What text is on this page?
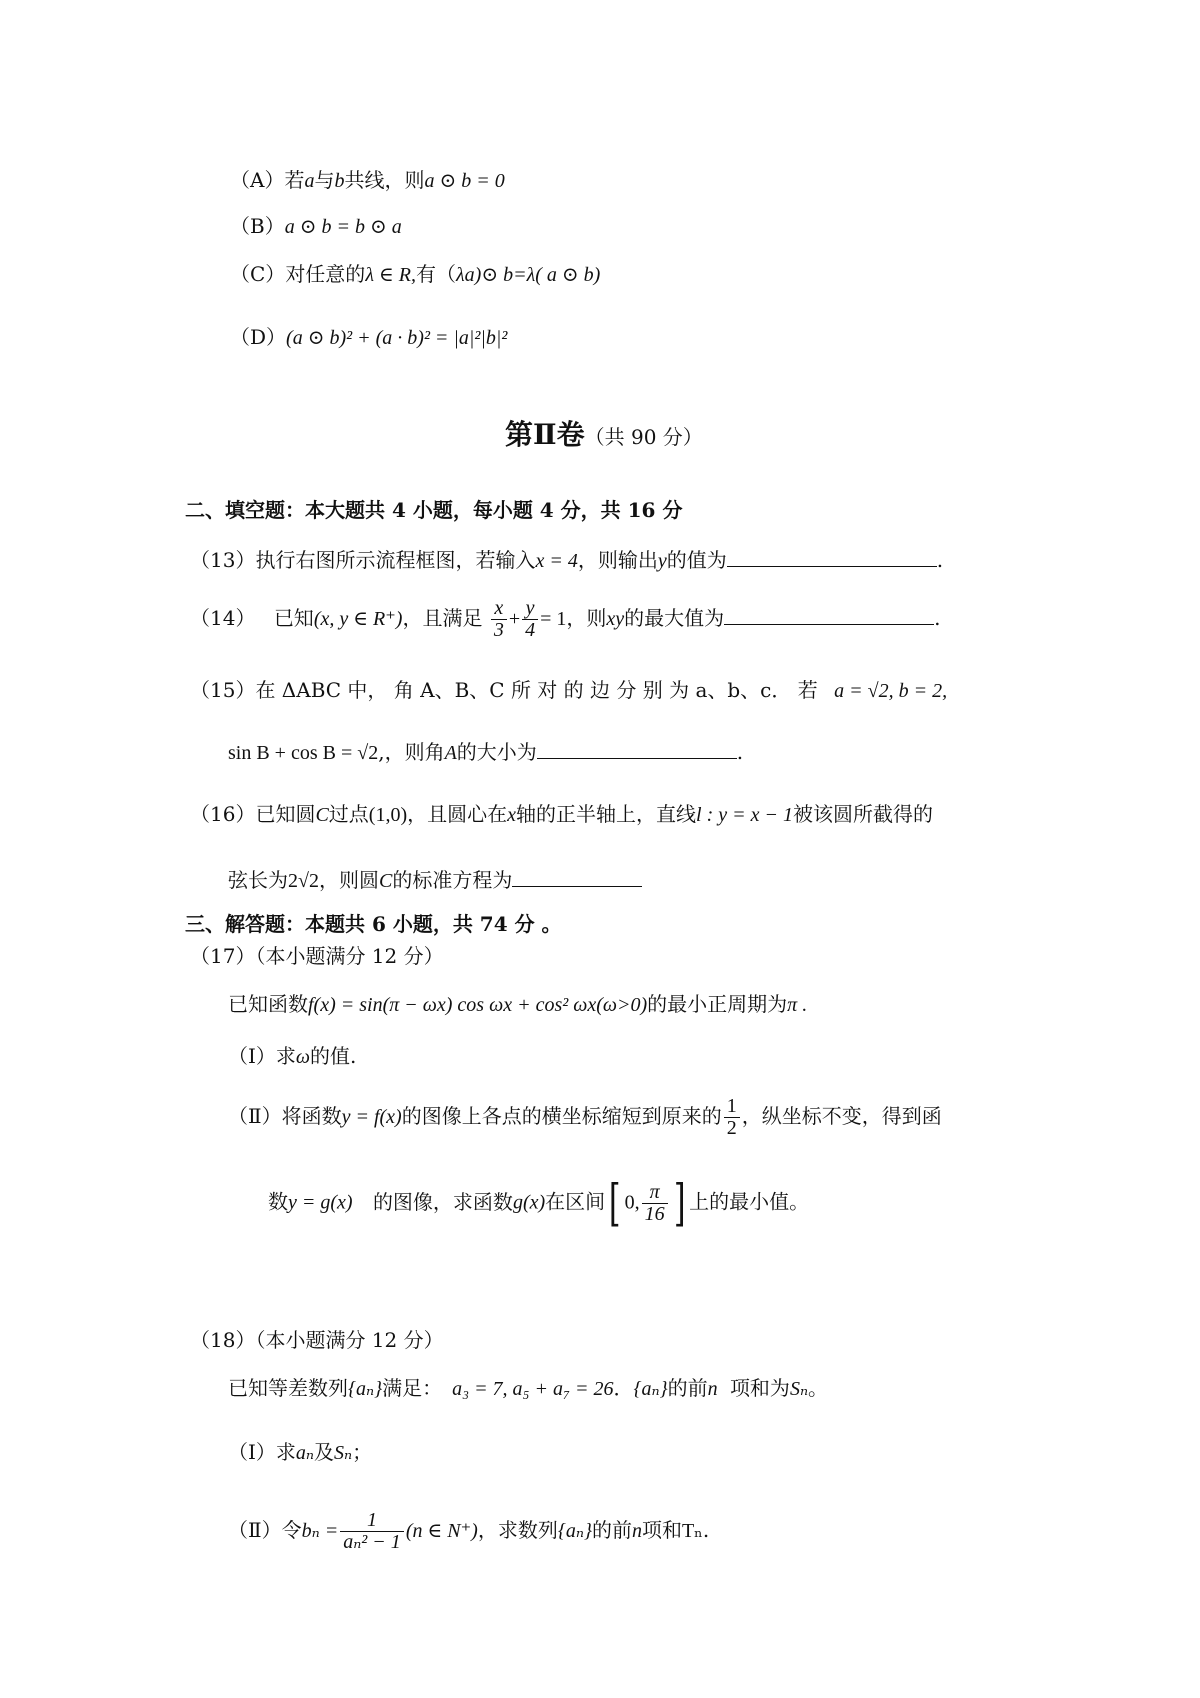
（A）若a与b共线，则a ⊙ b = 0
（B）a ⊙ b = b ⊙ a
（C）对任意的λ ∈ R,有（λa)⊙ b=λ( a ⊙ b)
（D）(a ⊙ b)² + (a · b)² = |a|²|b|²
第Ⅱ卷（共 90 分）
二、填空题：本大题共 4 小题，每小题 4 分，共 16 分
（13）执行右图所示流程框图，若输入x = 4，则输出y的值为	.
（14） 已知(x, y ∈ R⁺)，且满足 $\frac{x}{3} + \frac{y}{4} = 1$，则xy的最大值为	.
（15）在 ΔABC 中， 角 A、B、C 所 对 的 边 分 别 为 a、b、c． 若 a = √2, b = 2,
sin B + cos B = √2,，则角A的大小为	.
（16）已知圆C过点(1,0)，且圆心在x轴的正半轴上，直线l : y = x − 1被该圆所截得的
弦长为2√2，则圆C的标准方程为
三、解答题：本题共 6 小题，共 74 分 。
（17）（本小题满分 12 分）
已知函数f(x) = sin(π − ωx) cos ωx + cos² ωx(ω>0)的最小正周期为π .
（Ⅰ）求ω的值.
（Ⅱ）将函数y = f(x)的图像上各点的横坐标缩短到原来的 $\frac{1}{2}$ ，纵坐标不变，得到函
数y = g(x) 的图像，求函数g(x)在区间[ 0, $\frac{\pi}{16}$ ] 上的最小值。
（18）（本小题满分 12 分）
已知等差数列{aₙ}满足： a₃ = 7, a₅ + a₇ = 26．{aₙ}的前n 项和为Sₙ。
（Ⅰ）求aₙ及Sₙ；
（Ⅱ）令$b_n = \frac{1}{\text{aₙ² − 1}} (n$ ∈ N⁺)，求数列{aₙ}的前n项和Tₙ.
